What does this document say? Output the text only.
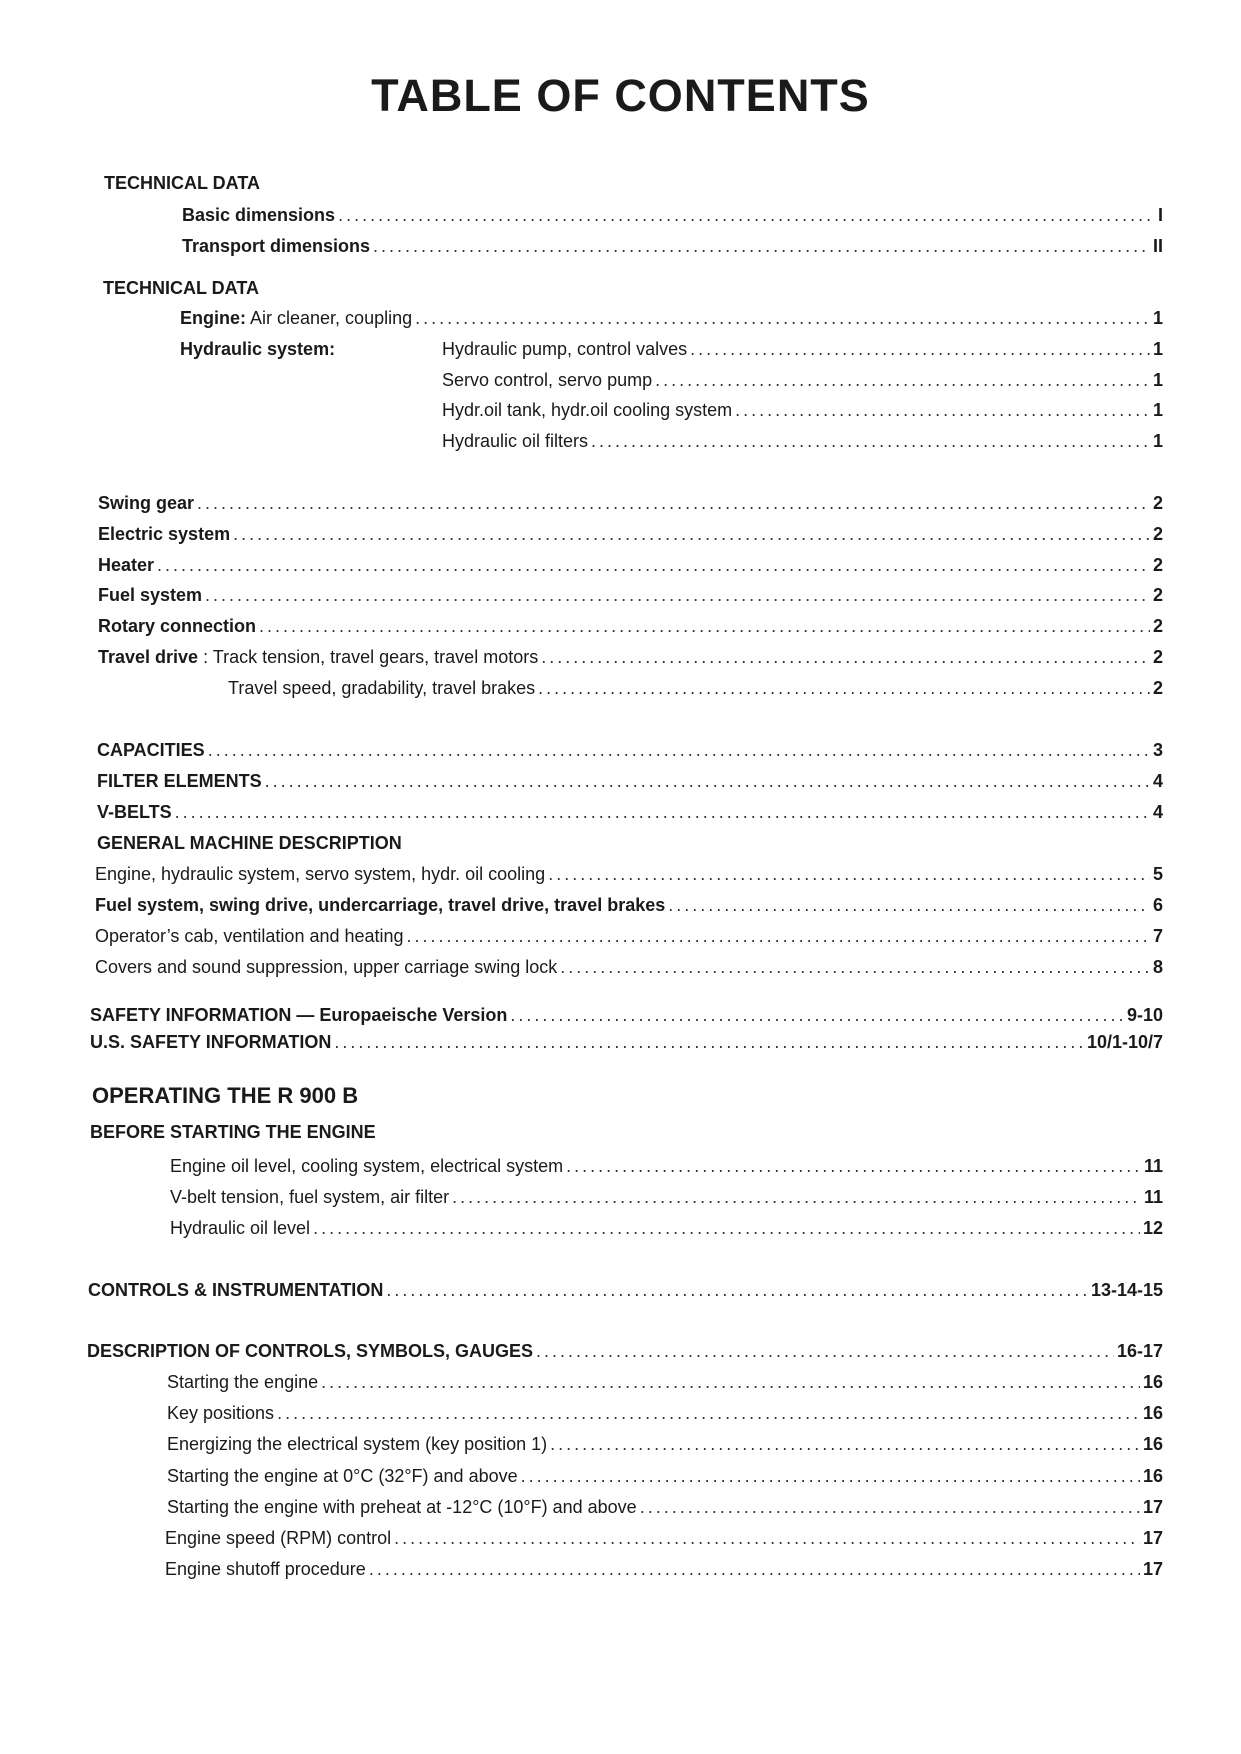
TABLE OF CONTENTS
TECHNICAL DATA
Basic dimensions .....	I
Transport dimensions .....	II
TECHNICAL DATA
Engine: Air cleaner, coupling .....	1
Hydraulic system:	Hydraulic pump, control valves .....	1
Servo control, servo pump .....	1
Hydr.oil tank, hydr.oil cooling system .....	1
Hydraulic oil filters .....	1
Swing gear .....	2
Electric system .....	2
Heater .....	2
Fuel system .....	2
Rotary connection .....	2
Travel drive : Track tension, travel gears, travel motors .....	2
Travel speed, gradability, travel brakes .....	2
CAPACITIES .....	3
FILTER ELEMENTS .....	4
V-BELTS .....	4
GENERAL MACHINE DESCRIPTION
Engine, hydraulic system, servo system, hydr. oil cooling .....	5
Fuel system, swing drive, undercarriage, travel drive, travel brakes .....	6
Operator’s cab, ventilation and heating .....	7
Covers and sound suppression, upper carriage swing lock .....	8
SAFETY INFORMATION — Europaeische Version .....	9-10
U.S. SAFETY INFORMATION .....	10/1-10/7
OPERATING THE R 900 B
BEFORE STARTING THE ENGINE
Engine oil level, cooling system, electrical system .....	11
V-belt tension, fuel system, air filter .....	11
Hydraulic oil level .....	12
CONTROLS & INSTRUMENTATION .....	13-14-15
DESCRIPTION OF CONTROLS, SYMBOLS, GAUGES .....	16-17
Starting the engine .....	16
Key positions .....	16
Energizing the electrical system (key position 1) .....	16
Starting the engine at 0°C (32°F) and above .....	16
Starting the engine with preheat at -12°C (10°F) and above .....	17
Engine speed (RPM) control .....	17
Engine shutoff procedure .....	17
